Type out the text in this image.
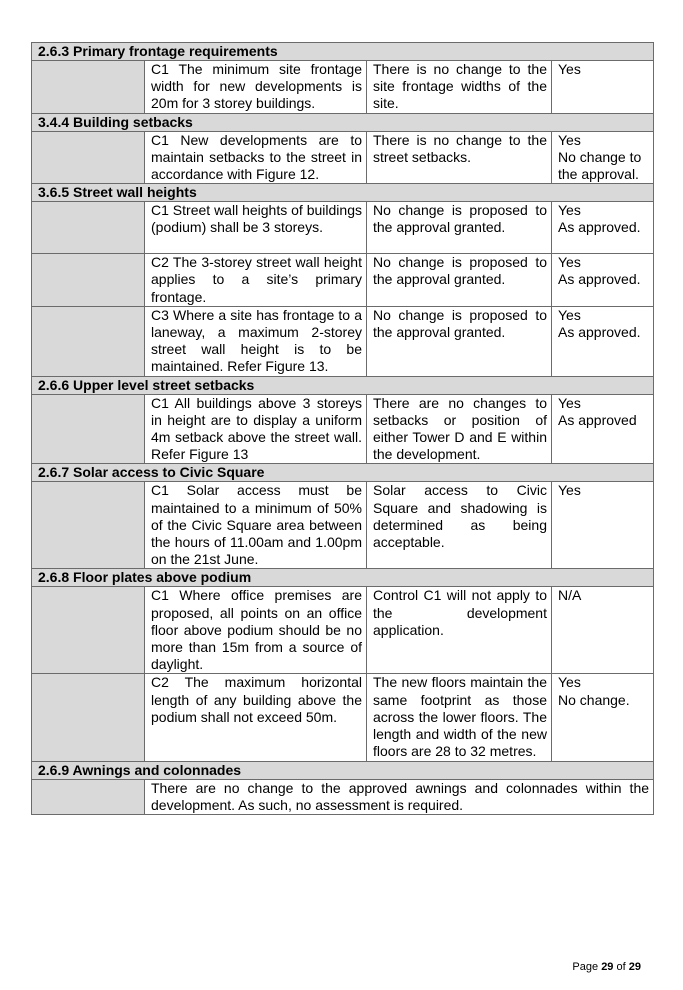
2.6.3 Primary frontage requirements			
	C1 The minimum site frontage width for new developments is 20m for 3 storey buildings.	There is no change to the site frontage widths of the site.	Yes

3.4.4 Building setbacks			
	C1 New developments are to maintain setbacks to the street in accordance with Figure 12.	There is no change to the street setbacks.	Yes
No change to the approval.

3.6.5 Street wall heights			
	C1 Street wall heights of buildings (podium) shall be 3 storeys.	No change is proposed to the approval granted.	Yes
As approved.

	C2 The 3-storey street wall height applies to a site’s primary frontage.	No change is proposed to the approval granted.	Yes
As approved.

	C3 Where a site has frontage to a laneway, a maximum 2-storey street wall height is to be maintained. Refer Figure 13.	No change is proposed to the approval granted.	Yes
As approved.

2.6.6 Upper level street setbacks			
	C1 All buildings above 3 storeys in height are to display a uniform 4m setback above the street wall. Refer Figure 13	There are no changes to setbacks or position of either Tower D and E within the development.	Yes
As approved

2.6.7 Solar access to Civic Square			
	C1 Solar access must be maintained to a minimum of 50% of the Civic Square area between the hours of 11.00am and 1.00pm on the 21st June.	Solar access to Civic Square and shadowing is determined as being acceptable.	Yes

2.6.8 Floor plates above podium			
	C1 Where office premises are proposed, all points on an office floor above podium should be no more than 15m from a source of daylight.	Control C1 will not apply to the development application.	N/A

	C2 The maximum horizontal length of any building above the podium shall not exceed 50m.	The new floors maintain the same footprint as those across the lower floors. The length and width of the new floors are 28 to 32 metres.	Yes
No change.

2.6.9 Awnings and colonnades			
	There are no change to the approved awnings and colonnades within the development. As such, no assessment is required.		
Page 29 of 29
